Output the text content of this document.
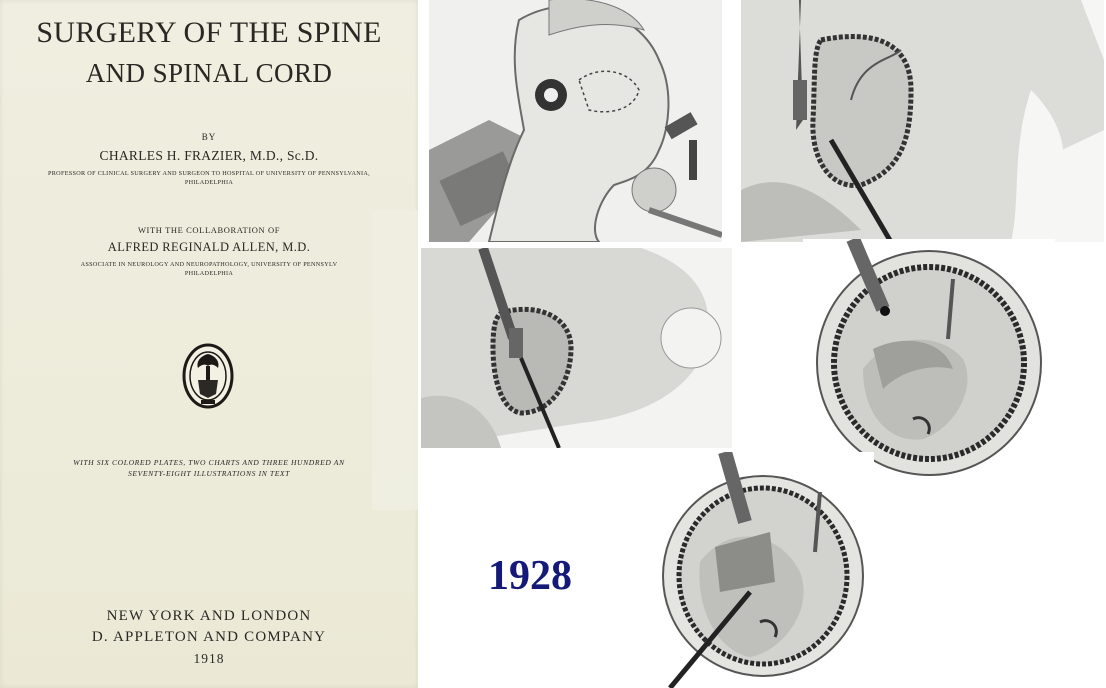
SURGERY OF THE SPINE
AND SPINAL CORD
BY
CHARLES H. FRAZIER, M.D., Sc.D.
PROFESSOR OF CLINICAL SURGERY AND SURGEON TO HOSPITAL OF UNIVERSITY OF PENNSYLVANIA,
PHILADELPHIA
WITH THE COLLABORATION OF
ALFRED REGINALD ALLEN, M.D.
ASSOCIATE IN NEUROLOGY AND NEUROPATHOLOGY, UNIVERSITY OF PENNSYLV
PHILADELPHIA
WITH SIX COLORED PLATES, TWO CHARTS AND THREE HUNDRED AN
SEVENTY-EIGHT ILLUSTRATIONS IN TEXT
NEW YORK AND LONDON
D. APPLETON AND COMPANY
1918
1928
